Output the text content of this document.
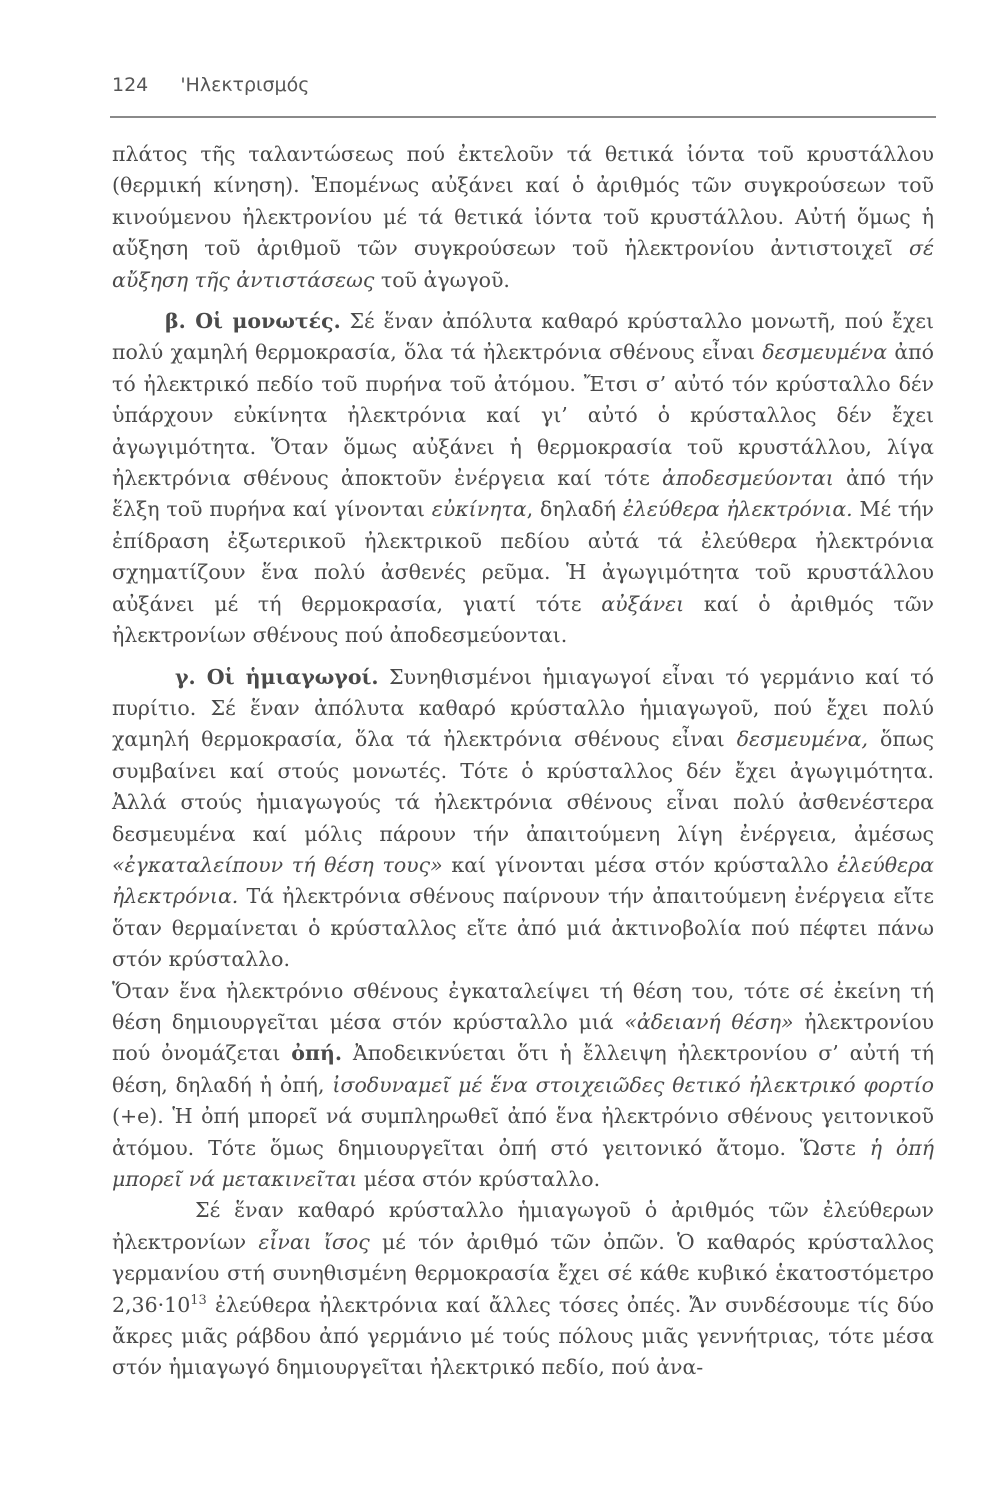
124 'Ηλεκτρισμός

πλάτος τῆς ταλαντώσεως πού ἐκτελοῦν τά θετικά ἰόντα τοῦ κρυστάλλου (θερμική κίνηση). Ἑπομένως αὐξάνει καί ὁ ἀριθμός τῶν συγκρούσεων τοῦ κινούμενου ἠλεκτρονίου μέ τά θετικά ἰόντα τοῦ κρυστάλλου. Αὐτή ὅμως ἡ αὔξηση τοῦ ἀριθμοῦ τῶν συγκρούσεων τοῦ ἠλεκτρονίου ἀντιστοιχεῖ σέ αὔξηση τῆς ἀντιστάσεως τοῦ ἀγωγοῦ.

β. Οἱ μονωτές. Σέ ἕναν ἀπόλυτα καθαρό κρύσταλλο μονωτῆ, πού ἔχει πολύ χαμηλή θερμοκρασία, ὅλα τά ἠλεκτρόνια σθένους εἶναι δεσμευμένα ἀπό τό ἠλεκτρικό πεδίο τοῦ πυρήνα τοῦ ἀτόμου. Ἔτσι σ’ αὐτό τόν κρύσταλλο δέν ὑπάρχουν εὐκίνητα ἠλεκτρόνια καί γι’ αὐτό ὁ κρύσταλλος δέν ἔχει ἀγωγιμότητα. Ὅταν ὅμως αὐξάνει ἡ θερμοκρασία τοῦ κρυστάλλου, λίγα ἠλεκτρόνια σθένους ἀποκτοῦν ἐνέργεια καί τότε ἀποδεσμεύονται ἀπό τήν ἕλξη τοῦ πυρήνα καί γίνονται εὐκίνητα, δηλαδή ἐλεύθερα ἠλεκτρόνια. Μέ τήν ἐπίδραση ἐξωτερικοῦ ἠλεκτρικοῦ πεδίου αὐτά τά ἐλεύθερα ἠλεκτρόνια σχηματίζουν ἕνα πολύ ἀσθενές ρεῦμα. Ἡ ἀγωγιμότητα τοῦ κρυστάλλου αὐξάνει μέ τή θερμοκρασία, γιατί τότε αὐξάνει καί ὁ ἀριθμός τῶν ἠλεκτρονίων σθένους πού ἀποδεσμεύονται.

γ. Οἱ ἡμιαγωγοί. Συνηθισμένοι ἡμιαγωγοί εἶναι τό γερμάνιο καί τό πυρίτιο. Σέ ἕναν ἀπόλυτα καθαρό κρύσταλλο ἡμιαγωγοῦ, πού ἔχει πολύ χαμηλή θερμοκρασία, ὅλα τά ἠλεκτρόνια σθένους εἶναι δεσμευμένα, ὅπως συμβαίνει καί στούς μονωτές. Τότε ὁ κρύσταλλος δέν ἔχει ἀγωγιμότητα. Ἀλλά στούς ἡμιαγωγούς τά ἠλεκτρόνια σθένους εἶναι πολύ ἀσθενέστερα δεσμευμένα καί μόλις πάρουν τήν ἀπαιτούμενη λίγη ἐνέργεια, ἀμέσως «ἐγκαταλείπουν τή θέση τους» καί γίνονται μέσα στόν κρύσταλλο ἐλεύθερα ἠλεκτρόνια. Τά ἠλεκτρόνια σθένους παίρνουν τήν ἀπαιτούμενη ἐνέργεια εἴτε ὅταν θερμαίνεται ὁ κρύσταλλος εἴτε ἀπό μιά ἀκτινοβολία πού πέφτει πάνω στόν κρύσταλλο.

Ὅταν ἕνα ἠλεκτρόνιο σθένους ἐγκαταλείψει τή θέση του, τότε σέ ἐκείνη τή θέση δημιουργεῖται μέσα στόν κρύσταλλο μιά «ἀδειανή θέση» ἠλεκτρονίου πού ὀνομάζεται ὀπή. Ἀποδεικνύεται ὅτι ἡ ἔλλειψη ἠλεκτρονίου σ’ αὐτή τή θέση, δηλαδή ἡ ὀπή, ἰσοδυναμεῖ μέ ἕνα στοιχειῶδες θετικό ἠλεκτρικό φορτίο (+e). Ἡ ὀπή μπορεῖ νά συμπληρωθεῖ ἀπό ἕνα ἠλεκτρόνιο σθένους γειτονικοῦ ἀτόμου. Τότε ὅμως δημιουργεῖται ὀπή στό γειτονικό ἄτομο. Ὥστε ἡ ὀπή μπορεῖ νά μετακινεῖται μέσα στόν κρύσταλλο.

Σέ ἕναν καθαρό κρύσταλλο ἡμιαγωγοῦ ὁ ἀριθμός τῶν ἐλεύθερων ἠλεκτρονίων εἶναι ἴσος μέ τόν ἀριθμό τῶν ὀπῶν. Ὁ καθαρός κρύσταλλος γερμανίου στή συνηθισμένη θερμοκρασία ἔχει σέ κάθε κυβικό ἑκατοστόμετρο $2,36\cdot 10^{13}$ ἐλεύθερα ἠλεκτρόνια καί ἄλλες τόσες ὀπές. Ἄν συνδέσουμε τίς δύο ἄκρες μιᾶς ράβδου ἀπό γερμάνιο μέ τούς πόλους μιᾶς γεννήτριας, τότε μέσα στόν ἡμιαγωγό δημιουργεῖται ἠλεκτρικό πεδίο, πού ἀνα-
